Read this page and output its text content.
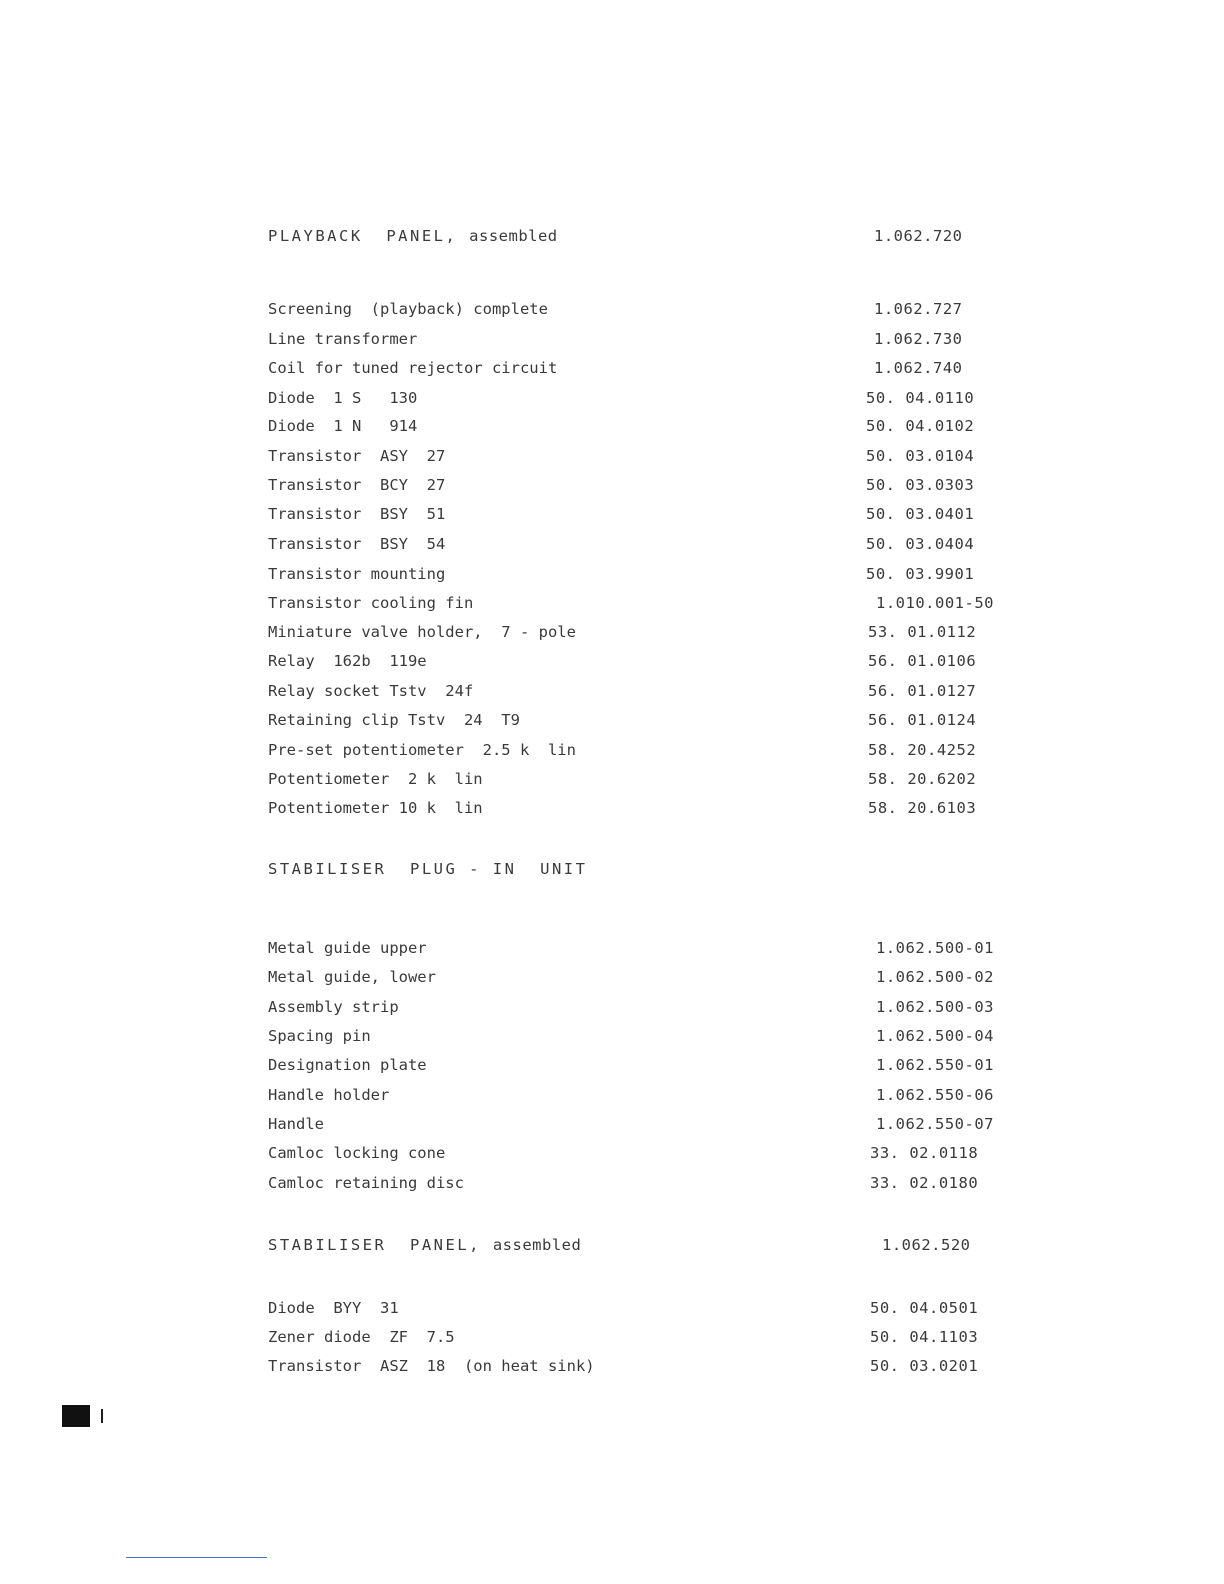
PLAYBACK  PANEL, assembled	1.062.720
Screening  (playback) complete	1.062.727
Line transformer	1.062.730
Coil for tuned rejector circuit	1.062.740
Diode  1 S   130	50. 04.0110
Diode  1 N   914	50. 04.0102
Transistor  ASY  27	50. 03.0104
Transistor  BCY  27	50. 03.0303
Transistor  BSY  51	50. 03.0401
Transistor  BSY  54	50. 03.0404
Transistor mounting	50. 03.9901
Transistor cooling fin	1.010.001-50
Miniature valve holder,  7 - pole	53. 01.0112
Relay  162b  119e	56. 01.0106
Relay socket Tstv  24f	56. 01.0127
Retaining clip Tstv  24  T9	56. 01.0124
Pre-set potentiometer  2.5 k  lin	58. 20.4252
Potentiometer  2 k  lin	58. 20.6202
Potentiometer 10 k  lin	58. 20.6103
STABILISER  PLUG - IN  UNIT
Metal guide upper	1.062.500-01
Metal guide, lower	1.062.500-02
Assembly strip	1.062.500-03
Spacing pin	1.062.500-04
Designation plate	1.062.550-01
Handle holder	1.062.550-06
Handle	1.062.550-07
Camloc locking cone	33. 02.0118
Camloc retaining disc	33. 02.0180
STABILISER  PANEL, assembled	1.062.520
Diode  BYY  31	50. 04.0501
Zener diode  ZF  7.5	50. 04.1103
Transistor  ASZ  18  (on heat sink)	50. 03.0201
